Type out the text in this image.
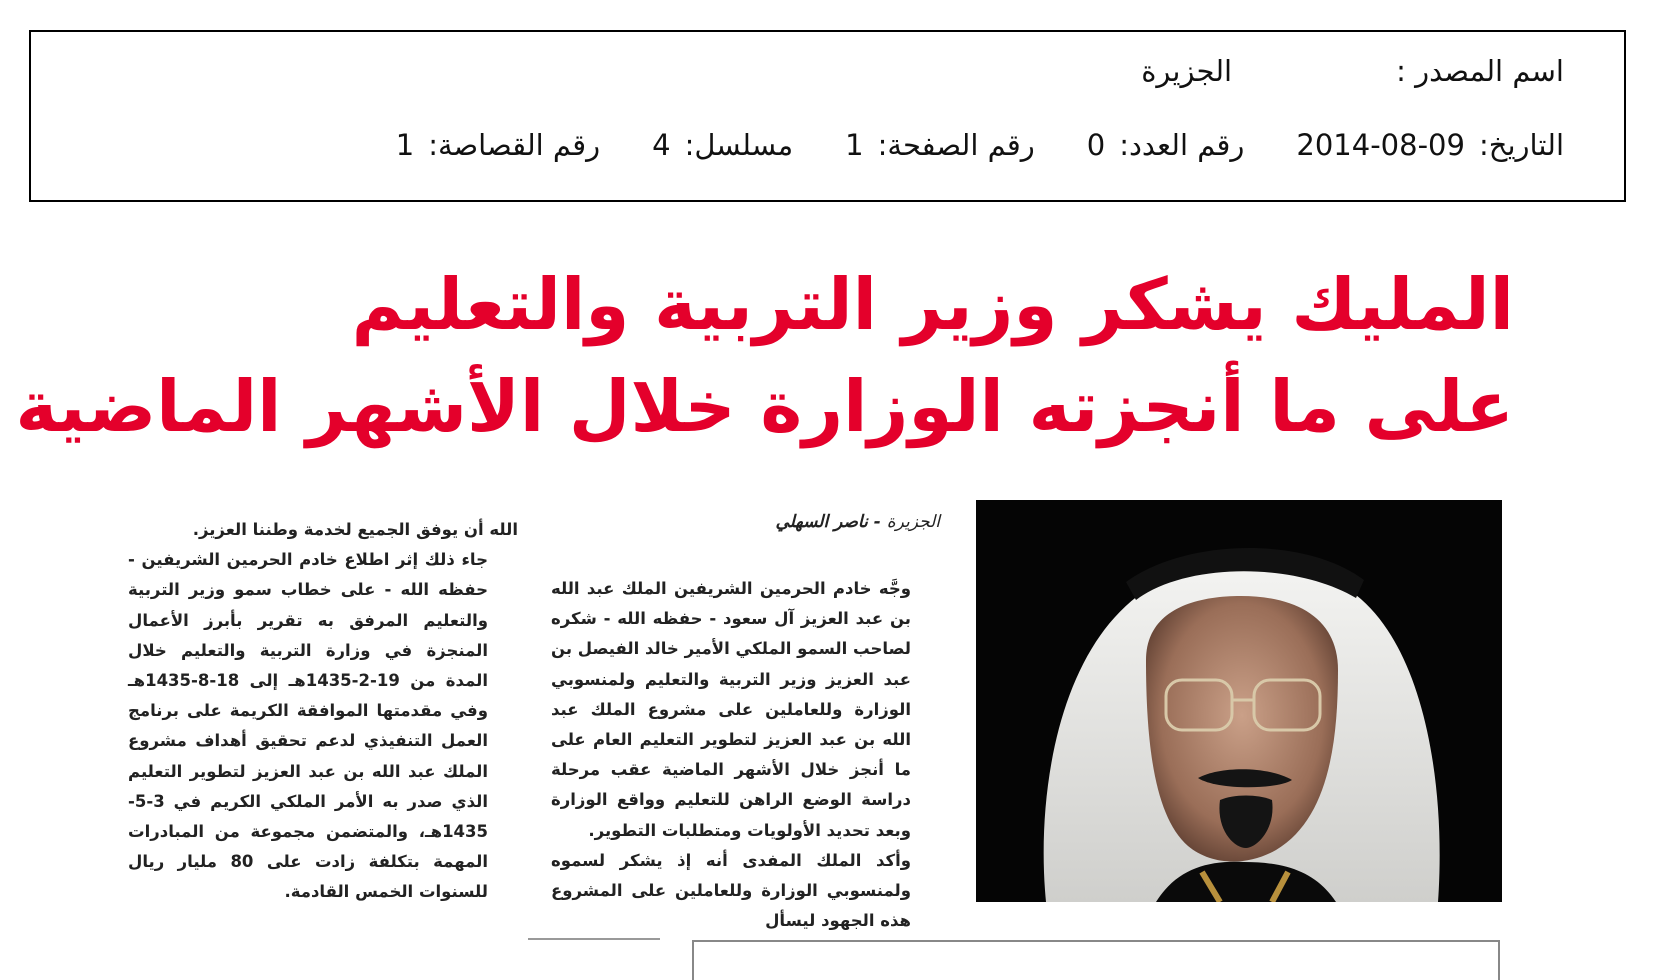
اسم المصدر :
الجزيرة
التاريخ:
2014-08-09
رقم العدد:
0
رقم الصفحة:
1
مسلسل:
4
رقم القصاصة:
1
المليك يشكر وزير التربية والتعليم
على ما أنجزته الوزارة خلال الأشهر الماضية
الجزيرة - ناصر السهلي

وجَّه خادم الحرمين الشريفين الملك عبد الله بن عبد العزيز آل سعود - حفظه الله - شكره لصاحب السمو الملكي الأمير خالد الفيصل بن عبد العزيز وزير التربية والتعليم ولمنسوبي الوزارة وللعاملين على مشروع الملك عبد الله بن عبد العزيز لتطوير التعليم العام على ما أنجز خلال الأشهر الماضية عقب مرحلة دراسة الوضع الراهن للتعليم وواقع الوزارة وبعد تحديد الأولويات ومتطلبات التطوير.

وأكد الملك المفدى أنه إذ يشكر لسموه ولمنسوبي الوزارة وللعاملين على المشروع هذه الجهود ليسأل

الله أن يوفق الجميع لخدمة وطننا العزيز.

جاء ذلك إثر اطلاع خادم الحرمين الشريفين - حفظه الله - على خطاب سمو وزير التربية والتعليم المرفق به تقرير بأبرز الأعمال المنجزة في وزارة التربية والتعليم خلال المدة من 19-2-1435هـ إلى 18-8-1435هـ وفي مقدمتها الموافقة الكريمة على برنامج العمل التنفيذي لدعم تحقيق أهداف مشروع الملك عبد الله بن عبد العزيز لتطوير التعليم الذي صدر به الأمر الملكي الكريم في 3-5-1435هـ، والمتضمن مجموعة من المبادرات المهمة بتكلفة زادت على 80 مليار ريال للسنوات الخمس القادمة.
